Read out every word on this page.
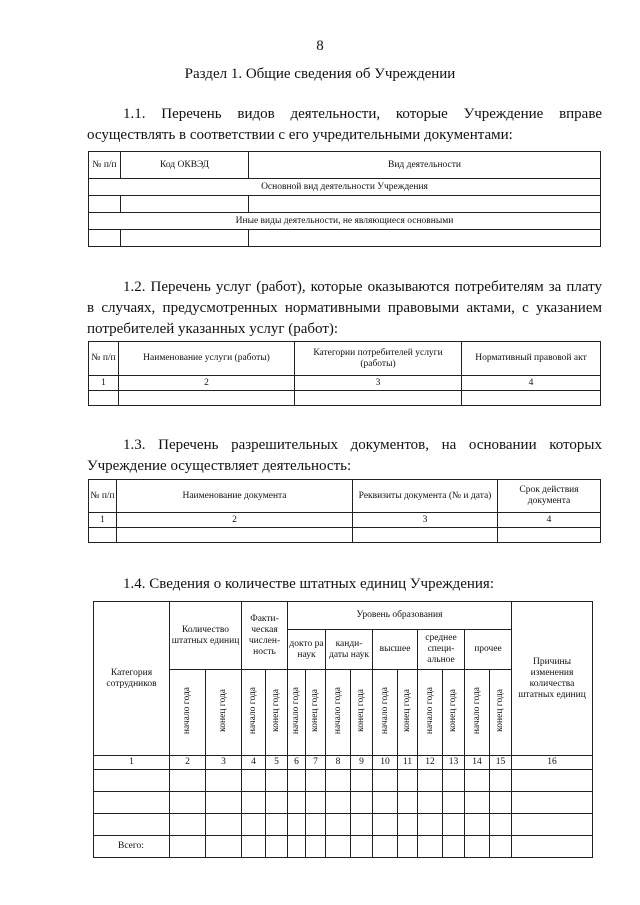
8
Раздел 1. Общие сведения об Учреждении
1.1. Перечень видов деятельности, которые Учреждение вправе осуществлять в соответствии с его учредительными документами:
№ п/п	Код ОКВЭД	Вид деятельности
Основной вид деятельности Учреждения		

Иные виды деятельности, не являющиеся основными		

1.2. Перечень услуг (работ), которые оказываются потребителям за плату в случаях, предусмотренных нормативными правовыми актами, с указанием потребителей указанных услуг (работ):
№ п/п	Наименование услуги (работы)	Категории потребителей услуги (работы)	Нормативный правовой акт
1	2	3	4

1.3. Перечень разрешительных документов, на основании которых Учреждение осуществляет деятельность:
№ п/п	Наименование документа	Реквизиты документа (№ и дата)	Срок действия документа
1	2	3	4

1.4. Сведения о количестве штатных единиц Учреждения:
Категория сотрудников	Количество штатных единиц		Факти- ческая числен- ность		Уровень образования										Причины изменения количества штатных единиц
					докто ра наук		канди- даты наук		высшее		среднее специ- альное		прочее		
	начало года	конец года	начало года	конец года	начало года	конец года	начало года	конец года	начало года	конец года	начало года	конец года	начало года	конец года	
1	2	3	4	5	6	7	8	9	10	11	12	13	14	15	16

Всего:															
